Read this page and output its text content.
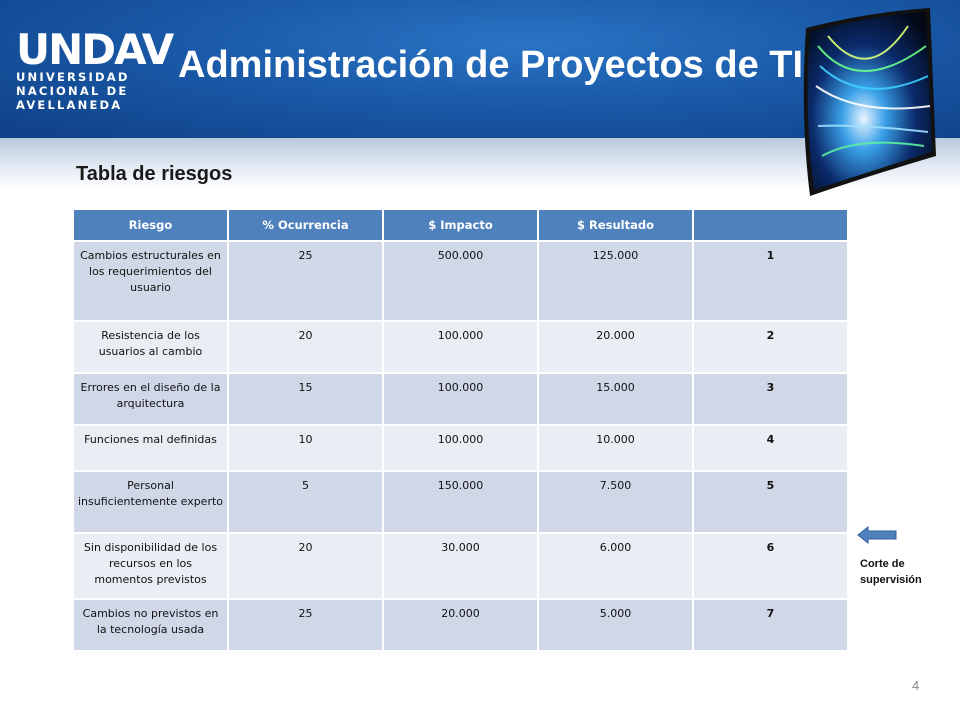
UNDAV
UNIVERSIDAD
NACIONAL DE
AVELLANEDA
Administración de Proyectos de TI
Tabla de riesgos
Riesgo	% Ocurrencia	$ Impacto	$ Resultado	
Cambios estructurales en los requerimientos del usuario	25	500.000	125.000	1
Resistencia de los usuarios al cambio	20	100.000	20.000	2
Errores en el diseño de la arquitectura	15	100.000	15.000	3
Funciones mal definidas	10	100.000	10.000	4
Personal insuficientemente experto	5	150.000	7.500	5
Sin disponibilidad de los recursos en los momentos previstos	20	30.000	6.000	6
Cambios no previstos en la tecnología usada	25	20.000	5.000	7
Corte de
supervisión
4
